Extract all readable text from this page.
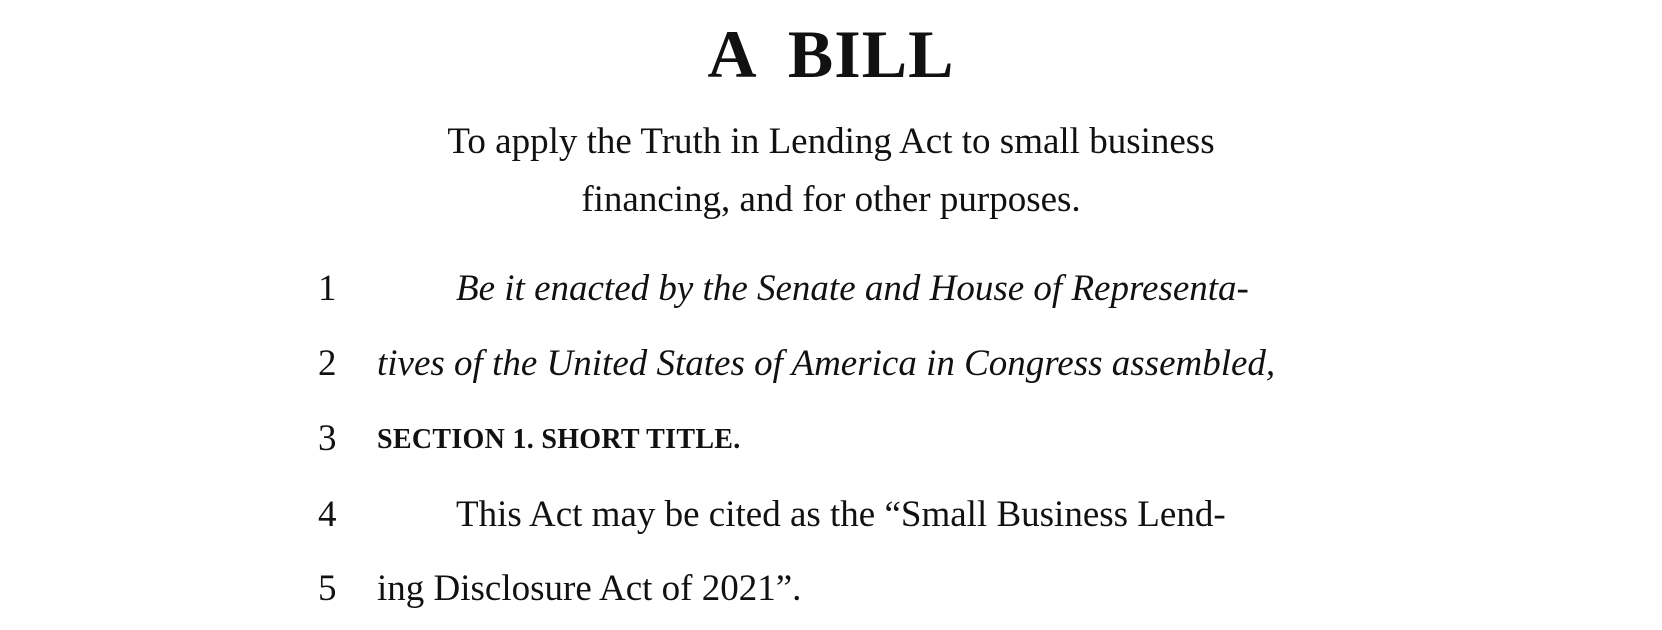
A BILL
To apply the Truth in Lending Act to small business
financing, and for other purposes.
1	Be it enacted by the Senate and House of Representa-
2	tives of the United States of America in Congress assembled,
3	SECTION 1. SHORT TITLE.
4	This Act may be cited as the “Small Business Lend-
5	ing Disclosure Act of 2021”.
